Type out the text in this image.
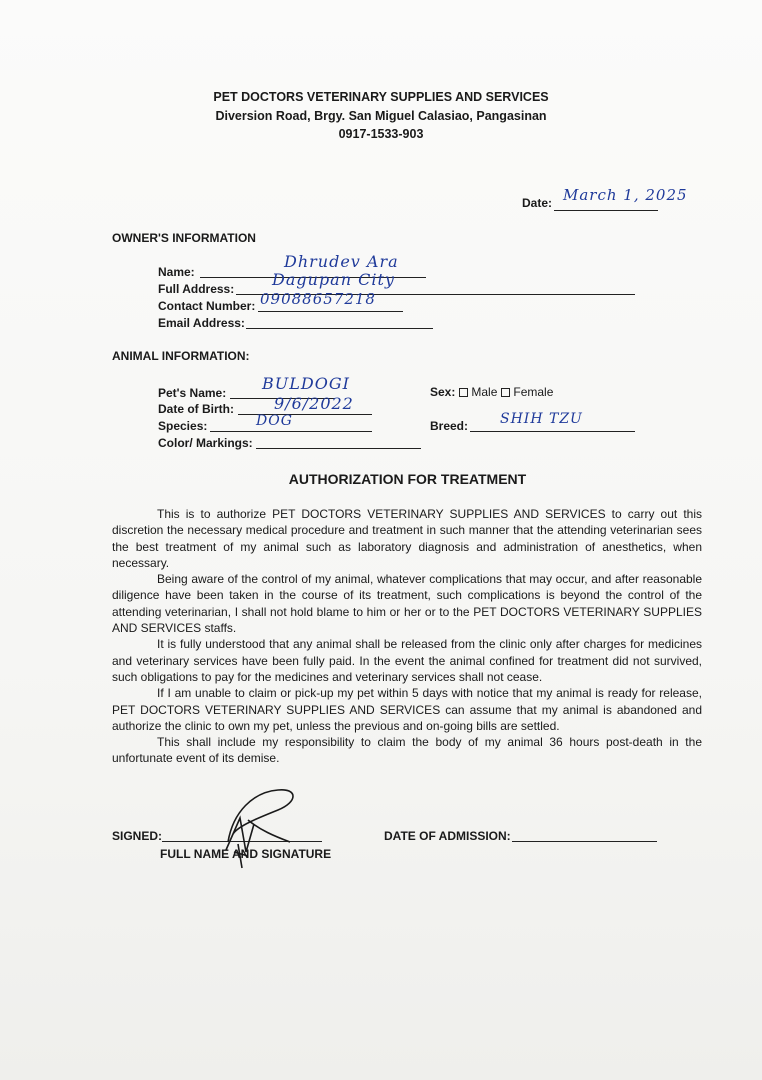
PET DOCTORS VETERINARY SUPPLIES AND SERVICES
Diversion Road, Brgy. San Miguel Calasiao, Pangasinan
0917-1533-903
Date: March 1, 2025
OWNER'S INFORMATION
Name:
Dhrudev Ara
Full Address: Dagupan City
Contact Number: 09088657218
Email Address:
ANIMAL INFORMATION:
Pet's Name: BULDOGI
Date of Birth:	9/6/2022
Species:	DOG
Color/ Markings:
Sex: Male Female
Breed: SHIH TZU
AUTHORIZATION FOR TREATMENT

This is to authorize PET DOCTORS VETERINARY SUPPLIES AND SERVICES to carry out this discretion the necessary medical procedure and treatment in such manner that the attending veterinarian sees the best treatment of my animal such as laboratory diagnosis and administration of anesthetics, when necessary.

Being aware of the control of my animal, whatever complications that may occur, and after reasonable diligence have been taken in the course of its treatment, such complications is beyond the control of the attending veterinarian, I shall not hold blame to him or her or to the PET DOCTORS VETERINARY SUPPLIES AND SERVICES staffs.

It is fully understood that any animal shall be released from the clinic only after charges for medicines and veterinary services have been fully paid. In the event the animal confined for treatment did not survived, such obligations to pay for the medicines and veterinary services shall not cease.

If I am unable to claim or pick-up my pet within 5 days with notice that my animal is ready for release, PET DOCTORS VETERINARY SUPPLIES AND SERVICES can assume that my animal is abandoned and authorize the clinic to own my pet, unless the previous and on-going bills are settled.

This shall include my responsibility to claim the body of my animal 36 hours post-death in the unfortunate event of its demise.

SIGNED:
FULL NAME AND SIGNATURE
DATE OF ADMISSION:
